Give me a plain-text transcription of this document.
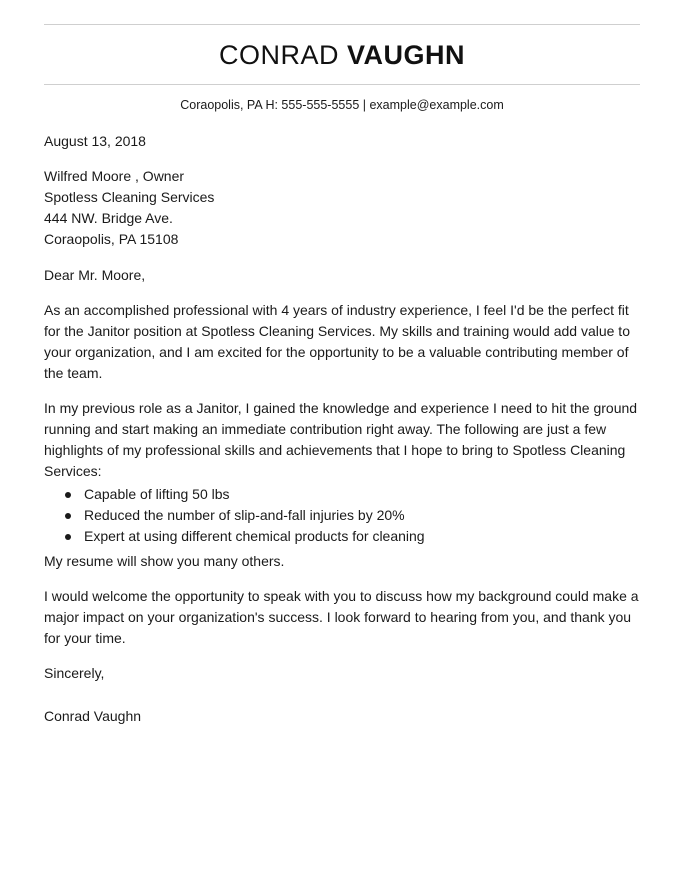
CONRAD VAUGHN
Coraopolis, PA H: 555-555-5555 | example@example.com

August 13, 2018

Wilfred Moore , Owner
Spotless Cleaning Services
444 NW. Bridge Ave.
Coraopolis, PA 15108

Dear Mr. Moore,

As an accomplished professional with 4 years of industry experience, I feel I'd be the perfect fit for the Janitor position at Spotless Cleaning Services. My skills and training would add value to your organization, and I am excited for the opportunity to be a valuable contributing member of the team.

In my previous role as a Janitor, I gained the knowledge and experience I need to hit the ground running and start making an immediate contribution right away. The following are just a few highlights of my professional skills and achievements that I hope to bring to Spotless Cleaning Services:

Capable of lifting 50 lbs
Reduced the number of slip-and-fall injuries by 20%
Expert at using different chemical products for cleaning

My resume will show you many others.

I would welcome the opportunity to speak with you to discuss how my background could make a major impact on your organization's success. I look forward to hearing from you, and thank you for your time.

Sincerely,

Conrad Vaughn
